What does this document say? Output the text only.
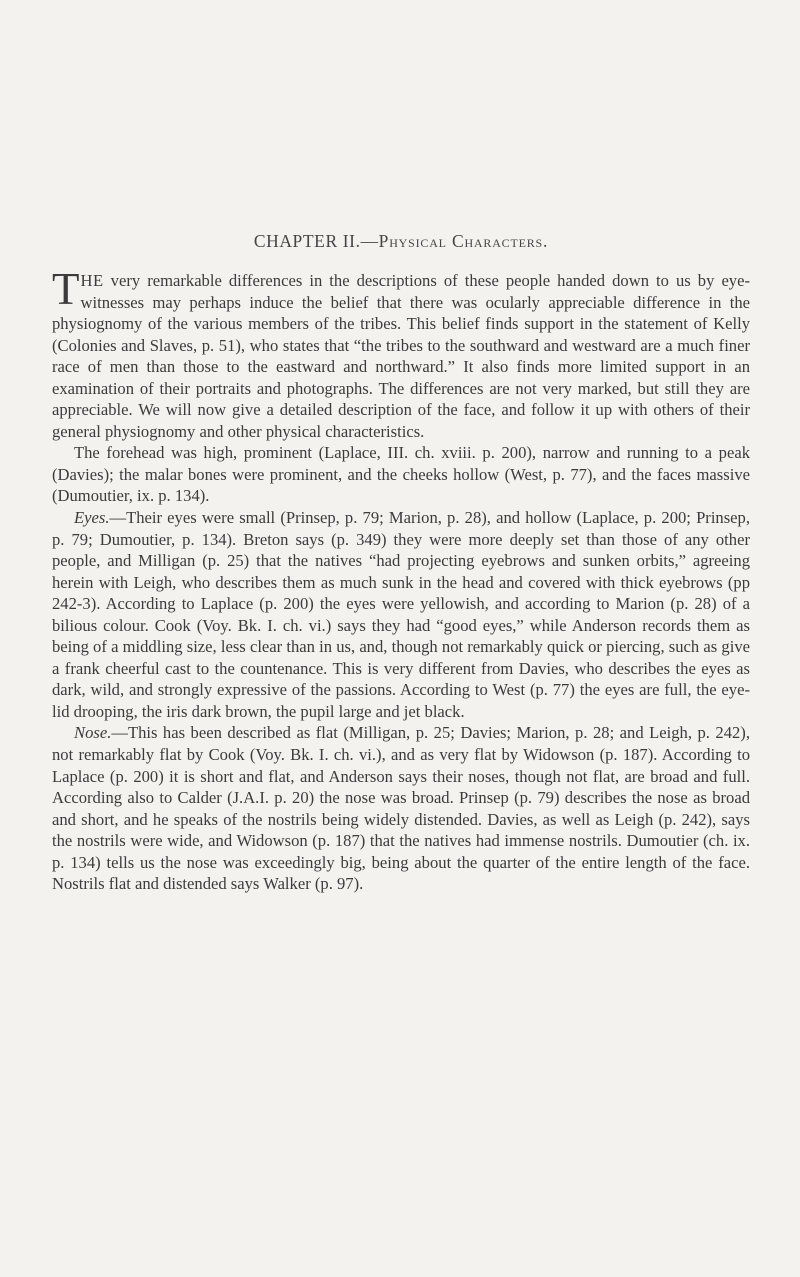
CHAPTER II.—Physical Characters.

THE very remarkable differences in the descriptions of these people handed down to us by eye-witnesses may perhaps induce the belief that there was ocularly appreciable difference in the physiognomy of the various members of the tribes. This belief finds support in the statement of Kelly (Colonies and Slaves, p. 51), who states that “the tribes to the southward and westward are a much finer race of men than those to the eastward and northward.” It also finds more limited support in an examination of their portraits and photographs. The differences are not very marked, but still they are appreciable. We will now give a detailed description of the face, and follow it up with others of their general physiognomy and other physical characteristics.

The forehead was high, prominent (Laplace, III. ch. xviii. p. 200), narrow and running to a peak (Davies); the malar bones were prominent, and the cheeks hollow (West, p. 77), and the faces massive (Dumoutier, ix. p. 134).

Eyes.—Their eyes were small (Prinsep, p. 79; Marion, p. 28), and hollow (Laplace, p. 200; Prinsep, p. 79; Dumoutier, p. 134). Breton says (p. 349) they were more deeply set than those of any other people, and Milligan (p. 25) that the natives “had projecting eyebrows and sunken orbits,” agreeing herein with Leigh, who describes them as much sunk in the head and covered with thick eyebrows (pp 242-3). According to Laplace (p. 200) the eyes were yellowish, and according to Marion (p. 28) of a bilious colour. Cook (Voy. Bk. I. ch. vi.) says they had “good eyes,” while Anderson records them as being of a middling size, less clear than in us, and, though not remarkably quick or piercing, such as give a frank cheerful cast to the countenance. This is very different from Davies, who describes the eyes as dark, wild, and strongly expressive of the passions. According to West (p. 77) the eyes are full, the eye-lid drooping, the iris dark brown, the pupil large and jet black.

Nose.—This has been described as flat (Milligan, p. 25; Davies; Marion, p. 28; and Leigh, p. 242), not remarkably flat by Cook (Voy. Bk. I. ch. vi.), and as very flat by Widowson (p. 187). According to Laplace (p. 200) it is short and flat, and Anderson says their noses, though not flat, are broad and full. According also to Calder (J.A.I. p. 20) the nose was broad. Prinsep (p. 79) describes the nose as broad and short, and he speaks of the nostrils being widely distended. Davies, as well as Leigh (p. 242), says the nostrils were wide, and Widowson (p. 187) that the natives had immense nostrils. Dumoutier (ch. ix. p. 134) tells us the nose was exceedingly big, being about the quarter of the entire length of the face. Nostrils flat and distended says Walker (p. 97).
